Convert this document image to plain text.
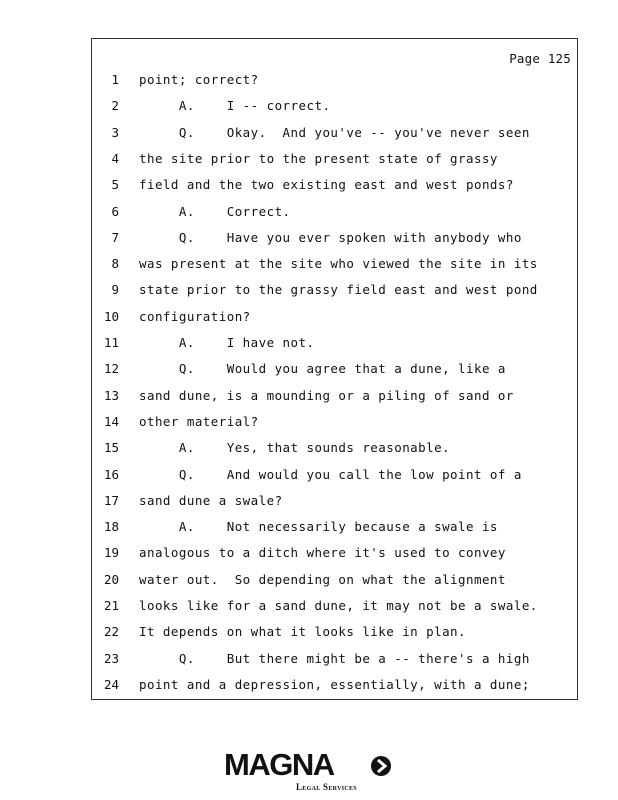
Page 125
1 point; correct?
2 A.    I -- correct.
3 Q.    Okay.  And you've -- you've never seen
4 the site prior to the present state of grassy
5 field and the two existing east and west ponds?
6 A.    Correct.
7 Q.    Have you ever spoken with anybody who
8 was present at the site who viewed the site in its
9 state prior to the grassy field east and west pond
10 configuration?
11 A.    I have not.
12 Q.    Would you agree that a dune, like a
13 sand dune, is a mounding or a piling of sand or
14 other material?
15 A.    Yes, that sounds reasonable.
16 Q.    And would you call the low point of a
17 sand dune a swale?
18 A.    Not necessarily because a swale is
19 analogous to a ditch where it's used to convey
20 water out.  So depending on what the alignment
21 looks like for a sand dune, it may not be a swale.
22 It depends on what it looks like in plan.
23 Q.    But there might be a -- there's a high
24 point and a depression, essentially, with a dune;
MAGNA
Legal Services
